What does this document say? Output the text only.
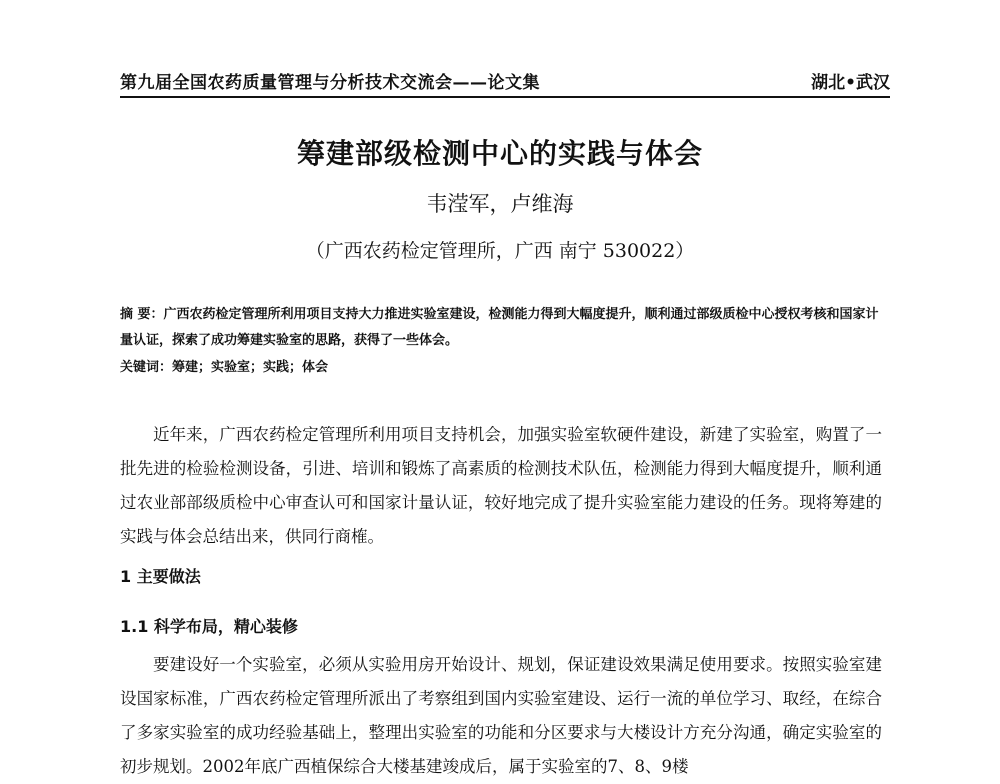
第九届全国农药质量管理与分析技术交流会——论文集	湖北•武汉
筹建部级检测中心的实践与体会
韦滢军，卢维海
（广西农药检定管理所，广西 南宁 530022）
摘 要：广西农药检定管理所利用项目支持大力推进实验室建设，检测能力得到大幅度提升，顺利通过部级质检中心授权考核和国家计量认证，探索了成功筹建实验室的思路，获得了一些体会。
关键词：筹建；实验室；实践；体会
近年来，广西农药检定管理所利用项目支持机会，加强实验室软硬件建设，新建了实验室，购置了一批先进的检验检测设备，引进、培训和锻炼了高素质的检测技术队伍，检测能力得到大幅度提升，顺利通过农业部部级质检中心审查认可和国家计量认证，较好地完成了提升实验室能力建设的任务。现将筹建的实践与体会总结出来，供同行商榷。
1 主要做法
1.1 科学布局，精心装修
要建设好一个实验室，必须从实验用房开始设计、规划，保证建设效果满足使用要求。按照实验室建设国家标准，广西农药检定管理所派出了考察组到国内实验室建设、运行一流的单位学习、取经，在综合了多家实验室的成功经验基础上，整理出实验室的功能和分区要求与大楼设计方充分沟通，确定实验室的初步规划。2002年底广西植保综合大楼基建竣成后，属于实验室的7、8、9楼
